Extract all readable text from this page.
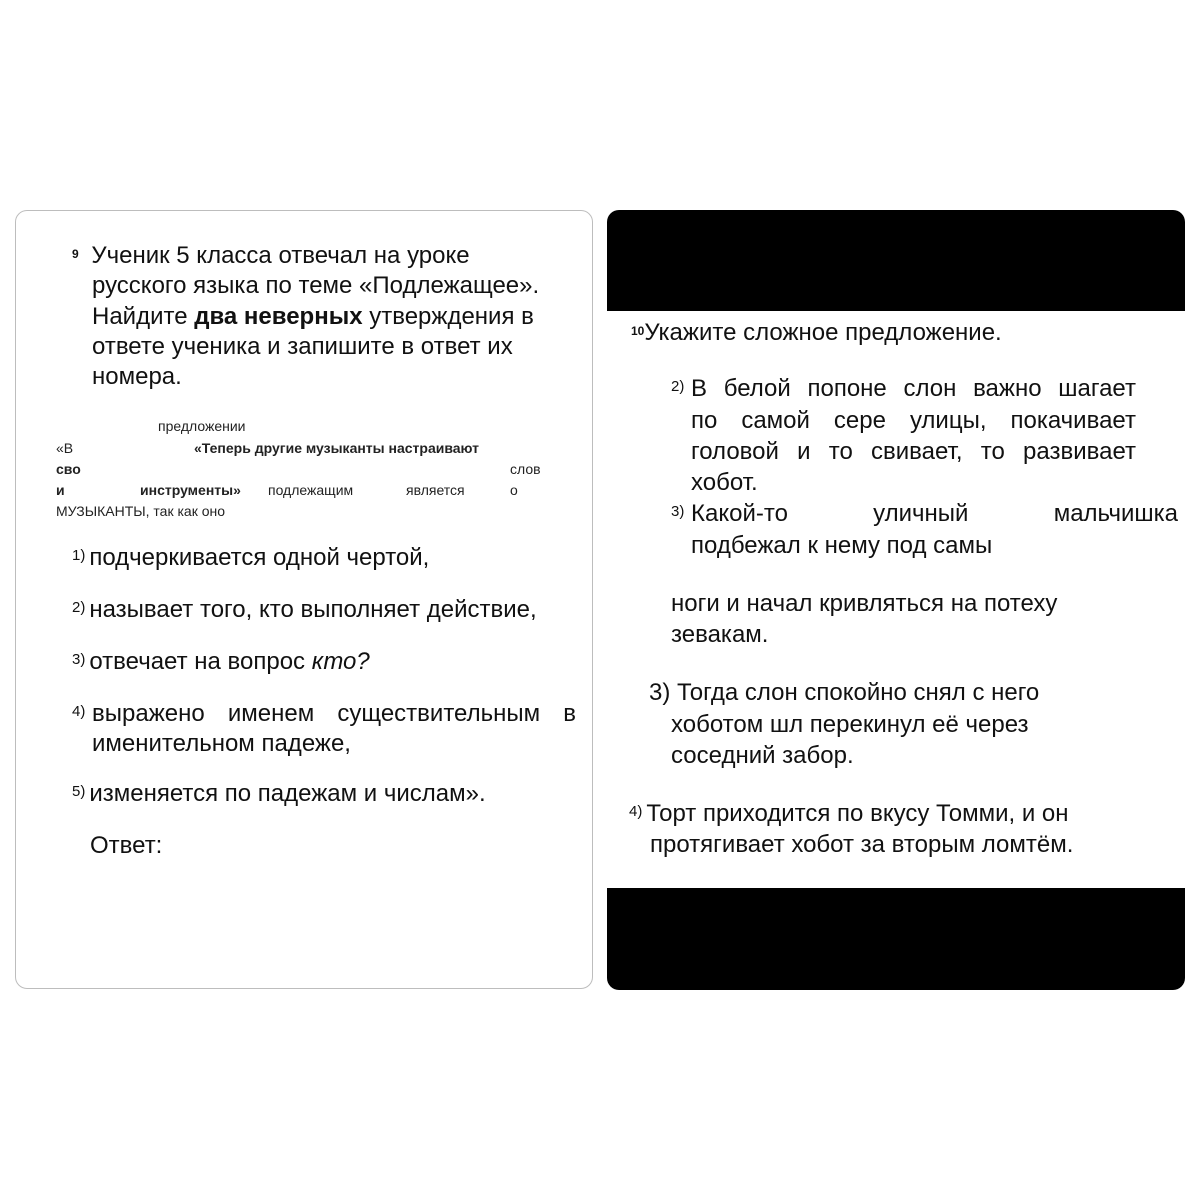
$^9$ Ученик 5 класса отвечал на уроке
русского языка по теме «Подлежащее».
Найдите два неверных утверждения в
ответе ученика и запишите в ответ их
номера.
предложении
«В	«Теперь другие музыканты настраивают
сво	слов
и	инструменты» подлежащим	является	о
МУЗЫКАНТЫ, так как оно
$^{1)}$ подчеркивается одной чертой,
$^{2)}$ называет того, кто выполняет действие,
$^{3)}$ отвечает на вопрос кто?
$^{4)}$ выражено именем существительным в
именительном падеже,
$^{5)}$ изменяется по падежам и числам».
Ответ:
$^{10}$Укажите сложное предложение.
$^{2)}$ В белой попоне слон важно шагает
по самой сере улицы, покачивает
головой и то свивает, то развивает
хобот.
$^{3)}$ Какой-то	уличный	мальчишка
подбежал к нему под самы
ноги и начал кривляться на потеху
зевакам.
3) Тогда слон спокойно снял с него
хоботом шл перекинул её через
соседний забор.
$^{4)}$ Торт приходится по вкусу Томми, и он
протягивает хобот за вторым ломтём.
